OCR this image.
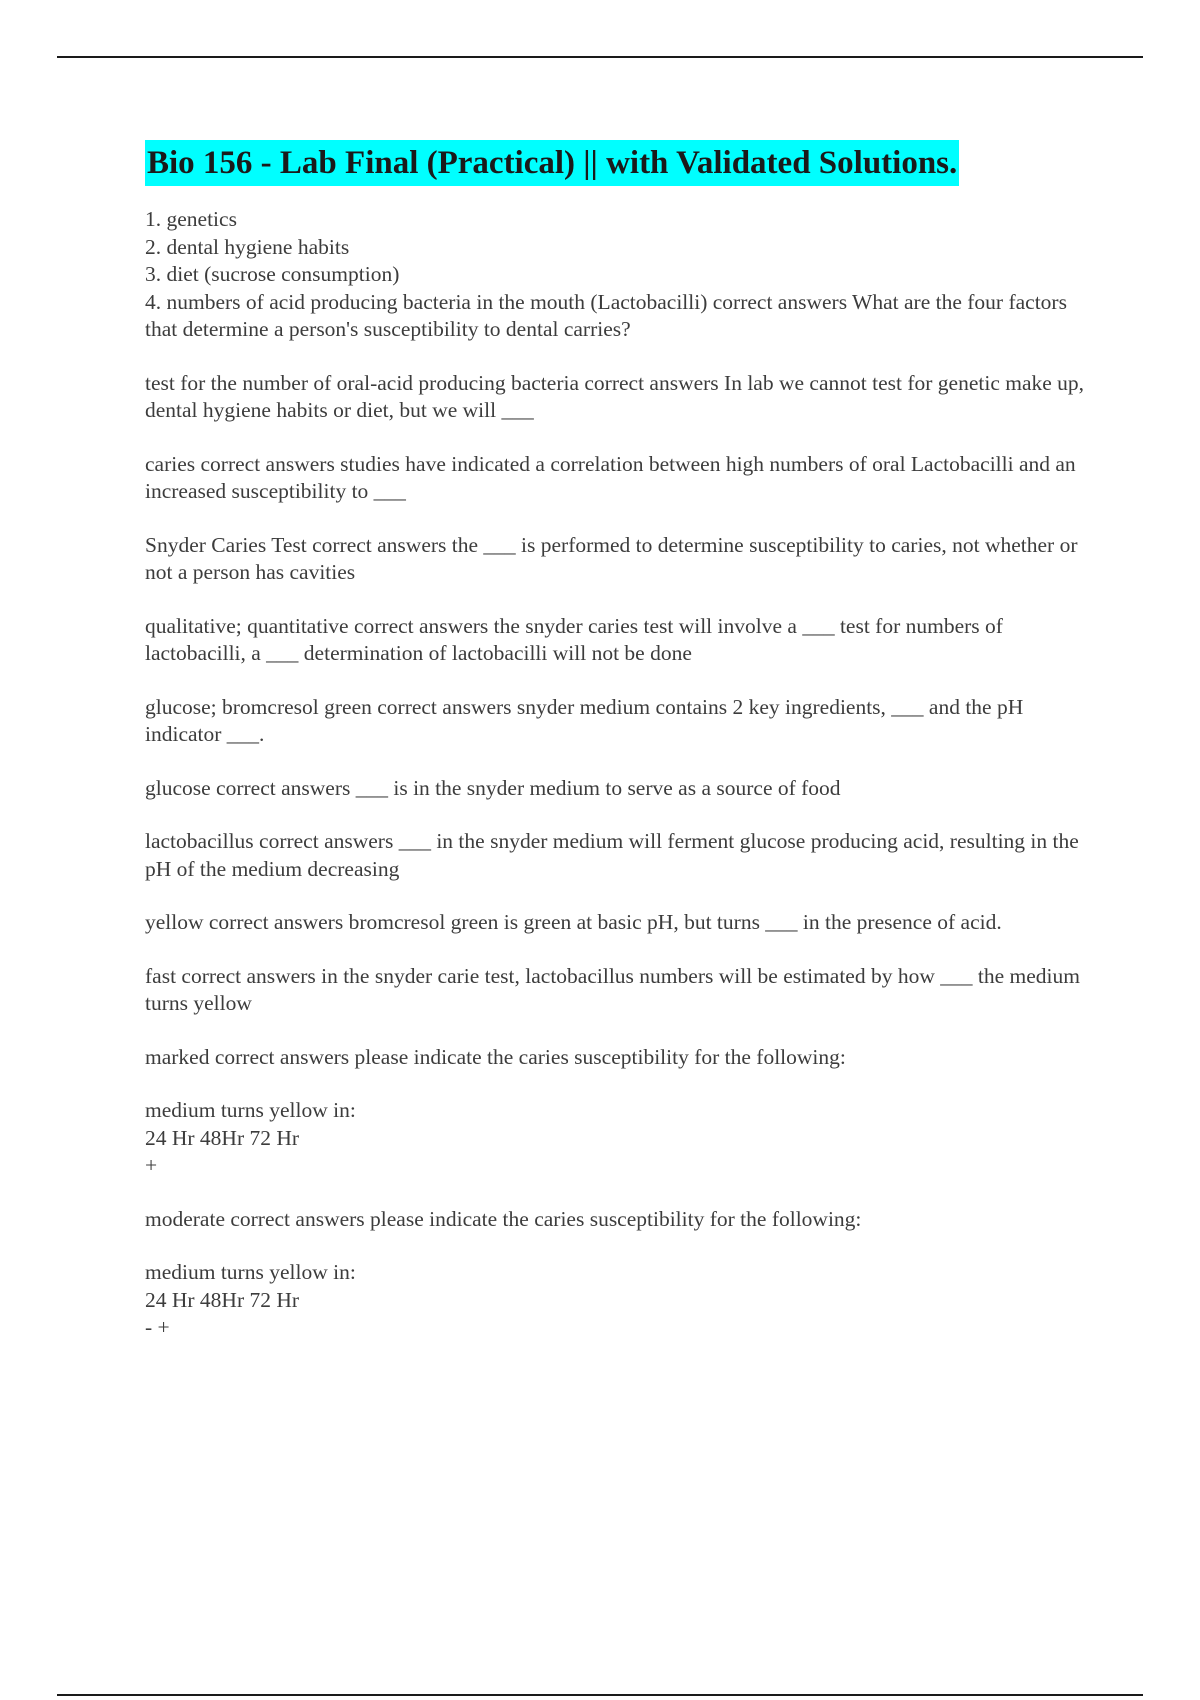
Bio 156 - Lab Final (Practical) || with Validated Solutions.
1. genetics
2. dental hygiene habits
3. diet (sucrose consumption)
4. numbers of acid producing bacteria in the mouth (Lactobacilli) correct answers What are the four factors that determine a person's susceptibility to dental carries?
test for the number of oral-acid producing bacteria correct answers In lab we cannot test for genetic make up, dental hygiene habits or diet, but we will ___
caries correct answers studies have indicated a correlation between high numbers of oral Lactobacilli and an increased susceptibility to ___
Snyder Caries Test correct answers the ___ is performed to determine susceptibility to caries, not whether or not a person has cavities
qualitative; quantitative correct answers the snyder caries test will involve a ___ test for numbers of lactobacilli, a ___ determination of lactobacilli will not be done
glucose; bromcresol green correct answers snyder medium contains 2 key ingredients, ___ and the pH indicator ___.
glucose correct answers ___ is in the snyder medium to serve as a source of food
lactobacillus correct answers ___ in the snyder medium will ferment glucose producing acid, resulting in the pH of the medium decreasing
yellow correct answers bromcresol green is green at basic pH, but turns ___ in the presence of acid.
fast correct answers in the snyder carie test, lactobacillus numbers will be estimated by how ___ the medium turns yellow
marked correct answers please indicate the caries susceptibility for the following:
medium turns yellow in:
24 Hr 48Hr 72 Hr
+
moderate correct answers please indicate the caries susceptibility for the following:
medium turns yellow in:
24 Hr 48Hr 72 Hr
- +
